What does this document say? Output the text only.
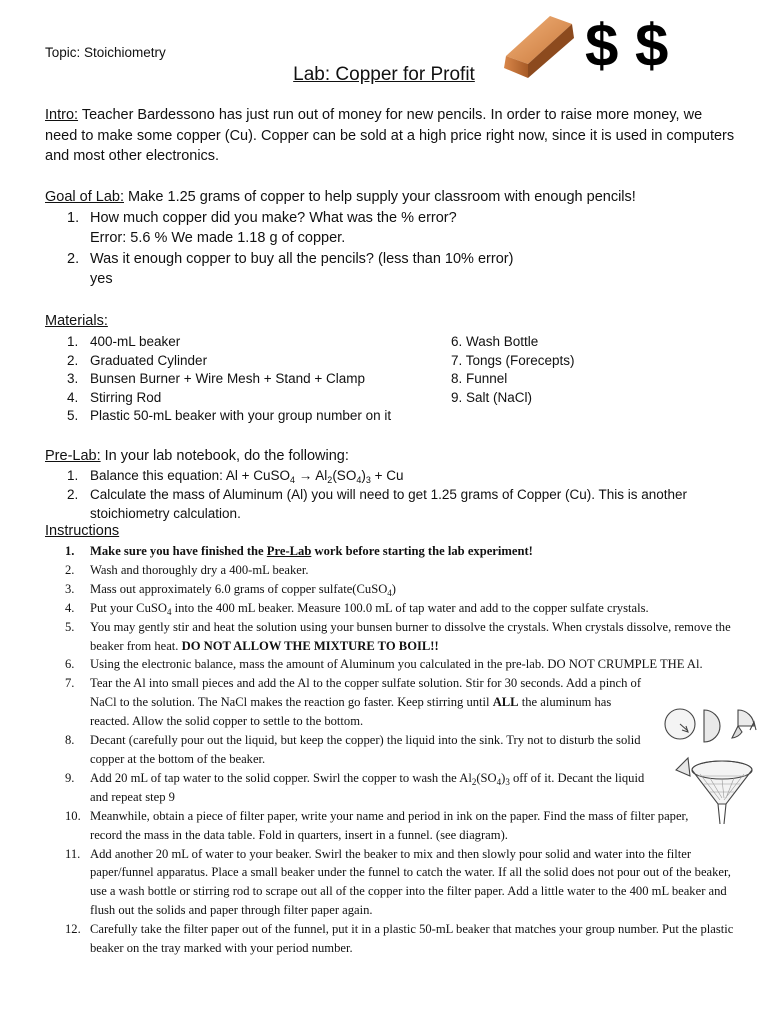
Topic: Stoichiometry
Lab: Copper for Profit	$ $
Intro: Teacher Bardessono has just run out of money for new pencils. In order to raise more money, we need to make some copper (Cu). Copper can be sold at a high price right now, since it is used in computers and most other electronics.
Goal of Lab: Make 1.25 grams of copper to help supply your classroom with enough pencils!
1. How much copper did you make? What was the % error?
Error: 5.6 % We made 1.18 g of copper.
2. Was it enough copper to buy all the pencils? (less than 10% error)
yes
Materials:
1. 400-mL beaker
2. Graduated Cylinder
3. Bunsen Burner + Wire Mesh + Stand + Clamp
4. Stirring Rod
5. Plastic 50-mL beaker with your group number on it
6. Wash Bottle
7. Tongs (Forecepts)
8. Funnel
9. Salt (NaCl)
Pre-Lab: In your lab notebook, do the following:
1. Balance this equation: Al + CuSO$_4$ → $Al_2(SO_4)_3 + Cu$
2. Calculate the mass of Aluminum (Al) you will need to get 1.25 grams of Copper (Cu). This is another stoichiometry calculation.
Instructions
1. Make sure you have finished the Pre-Lab work before starting the lab experiment!
2. Wash and thoroughly dry a 400-mL beaker.
3. Mass out approximately 6.0 grams of copper sulfate(CuSO$_4$)
4. Put your CuSO$_4$ into the 400 mL beaker. Measure 100.0 mL of tap water and add to the copper sulfate crystals.
5. You may gently stir and heat the solution using your bunsen burner to dissolve the crystals. When crystals dissolve, remove the beaker from heat. DO NOT ALLOW THE MIXTURE TO BOIL!!
6. Using the electronic balance, mass the amount of Aluminum you calculated in the pre-lab. DO NOT CRUMPLE THE Al.
7. Tear the Al into small pieces and add the Al to the copper sulfate solution. Stir for 30 seconds. Add a pinch of NaCl to the solution. The NaCl makes the reaction go faster. Keep stirring until ALL the aluminum has reacted. Allow the solid copper to settle to the bottom.
8. Decant (carefully pour out the liquid, but keep the copper) the liquid into the sink. Try not to disturb the solid copper at the bottom of the beaker.
9. Add 20 mL of tap water to the solid copper. Swirl the copper to wash the $Al_2(SO_4)_3$ off of it. Decant the liquid and repeat step 9
10. Meanwhile, obtain a piece of filter paper, write your name and period in ink on the paper. Find the mass of filter paper, record the mass in the data table. Fold in quarters, insert in a funnel. (see diagram).
11. Add another 20 mL of water to your beaker. Swirl the beaker to mix and then slowly pour solid and water into the filter paper/funnel apparatus. Place a small beaker under the funnel to catch the water. If all the solid does not pour out of the beaker, use a wash bottle or stirring rod to scrape out all of the copper into the filter paper. Add a little water to the 400 mL beaker and flush out the solids and paper through filter paper again.
12. Carefully take the filter paper out of the funnel, put it in a plastic 50-mL beaker that matches your group number. Put the plastic beaker on the tray marked with your period number.
